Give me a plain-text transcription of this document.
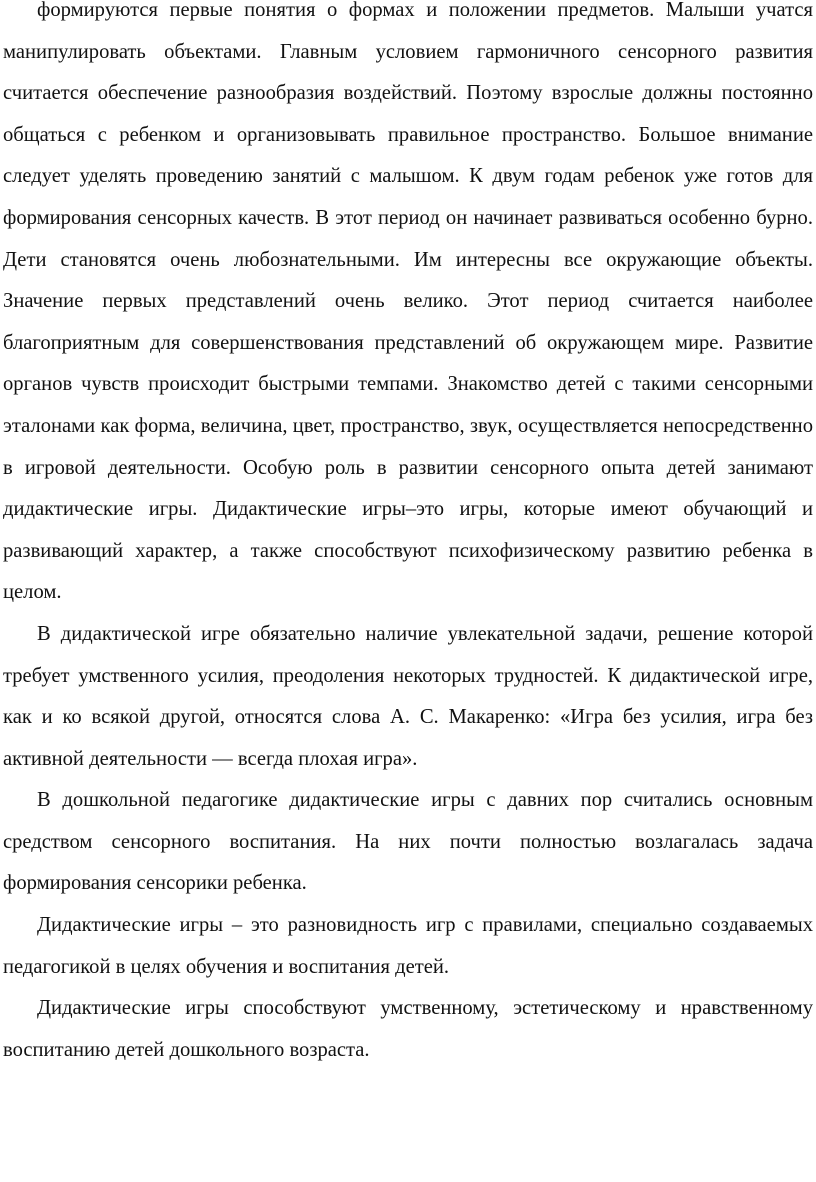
формируются первые понятия о формах и положении предметов. Малыши учатся манипулировать объектами. Главным условием гармоничного сенсорного развития считается обеспечение разнообразия воздействий. Поэтому взрослые должны постоянно общаться с ребенком и организовывать правильное пространство. Большое внимание следует уделять проведению занятий с малышом. К двум годам ребенок уже готов для формирования сенсорных качеств. В этот период он начинает развиваться особенно бурно. Дети становятся очень любознательными. Им интересны все окружающие объекты. Значение первых представлений очень велико. Этот период считается наиболее благоприятным для совершенствования представлений об окружающем мире. Развитие органов чувств происходит быстрыми темпами. Знакомство детей с такими сенсорными эталонами как форма, величина, цвет, пространство, звук, осуществляется непосредственно в игровой деятельности. Особую роль в развитии сенсорного опыта детей занимают дидактические игры. Дидактические игры–это игры, которые имеют обучающий и развивающий характер, а также способствуют психофизическому развитию ребенка в целом.

В дидактической игре обязательно наличие увлекательной задачи, решение которой требует умственного усилия, преодоления некоторых трудностей. К дидактической игре, как и ко всякой другой, относятся слова А. С. Макаренко: «Игра без усилия, игра без активной деятельности — всегда плохая игра».

В дошкольной педагогике дидактические игры с давних пор считались основным средством сенсорного воспитания. На них почти полностью возлагалась задача формирования сенсорики ребенка.

Дидактические игры – это разновидность игр с правилами, специально создаваемых педагогикой в целях обучения и воспитания детей.

Дидактические игры способствуют умственному, эстетическому и нравственному воспитанию детей дошкольного возраста.
